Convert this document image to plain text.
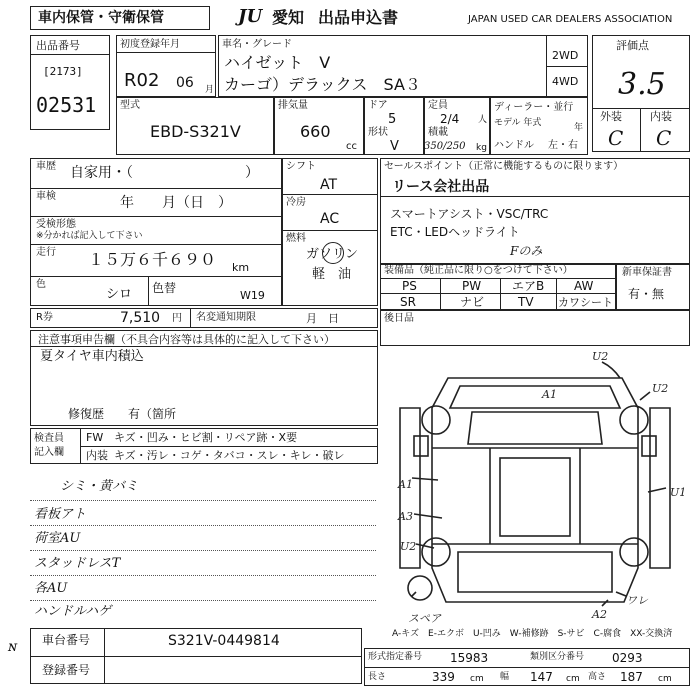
車内保管・守衛保管	JU 愛知 出品申込書	JAPAN USED CAR DEALERS ASSOCIATION
出品番号
[2173]
02531
初度登録年月
R02 06 月
車名・グレード
ハイゼット　V
カーゴ）デラックス　SA３
2WD
4WD
評価点
3.5
外装	内装
C C
型式
EBD-S321V
排気量
660
cc
ドア
5
形状
V
定員
2/4 人
積載
350/250 kg
ディーラー・並行
モデル 年式	年
ハンドル 左・右
車歴 自家用・（　　　　　　　　）
車検	年　　月（日　）
受検形態
※分かれば記入して下さい
走行 １５万６千６９０ km
色
シロ 色替
W19
シフト
AT
冷房
AC
燃料
ガソリン
軽　油
セールスポイント（正常に機能するものに限ります）
リース会社出品
スマートアシスト・VSC/TRC
ETC・LEDヘッドライト
Fのみ
装備品（純正品に限り○をつけて下さい）
PS	PW	エアB AW
SR	ナビ	TV カワシート
新車保証書
有・無
R券	7,510 円 名変通知期限	月　日	後日品
注意事項申告欄（不具合内容等は具体的に記入して下さい）
夏タイヤ車内積込
修復歴　　有（箇所
検査員
記入欄
FW キズ・凹み・ヒビ割・リペア跡・X要
内装 キズ・汚レ・コゲ・タバコ・スレ・キレ・破レ
シミ・黄バミ
看板アト
荷室AU
スタッドレスT
各AU
ハンドルハゲ
U2
U2
A1
A1
A3
U1
U2
A2
ワレ
スペア
A-キズ　E-エクボ　U-凹み　W-補修跡　S-サビ　C-腐食　XX-交換済
ɴ 車台番号	S321V-0449814
登録番号
形式指定番号 15983	類別区分番号 0293
長さ	339 cm 幅 147 cm 高さ 187 cm
